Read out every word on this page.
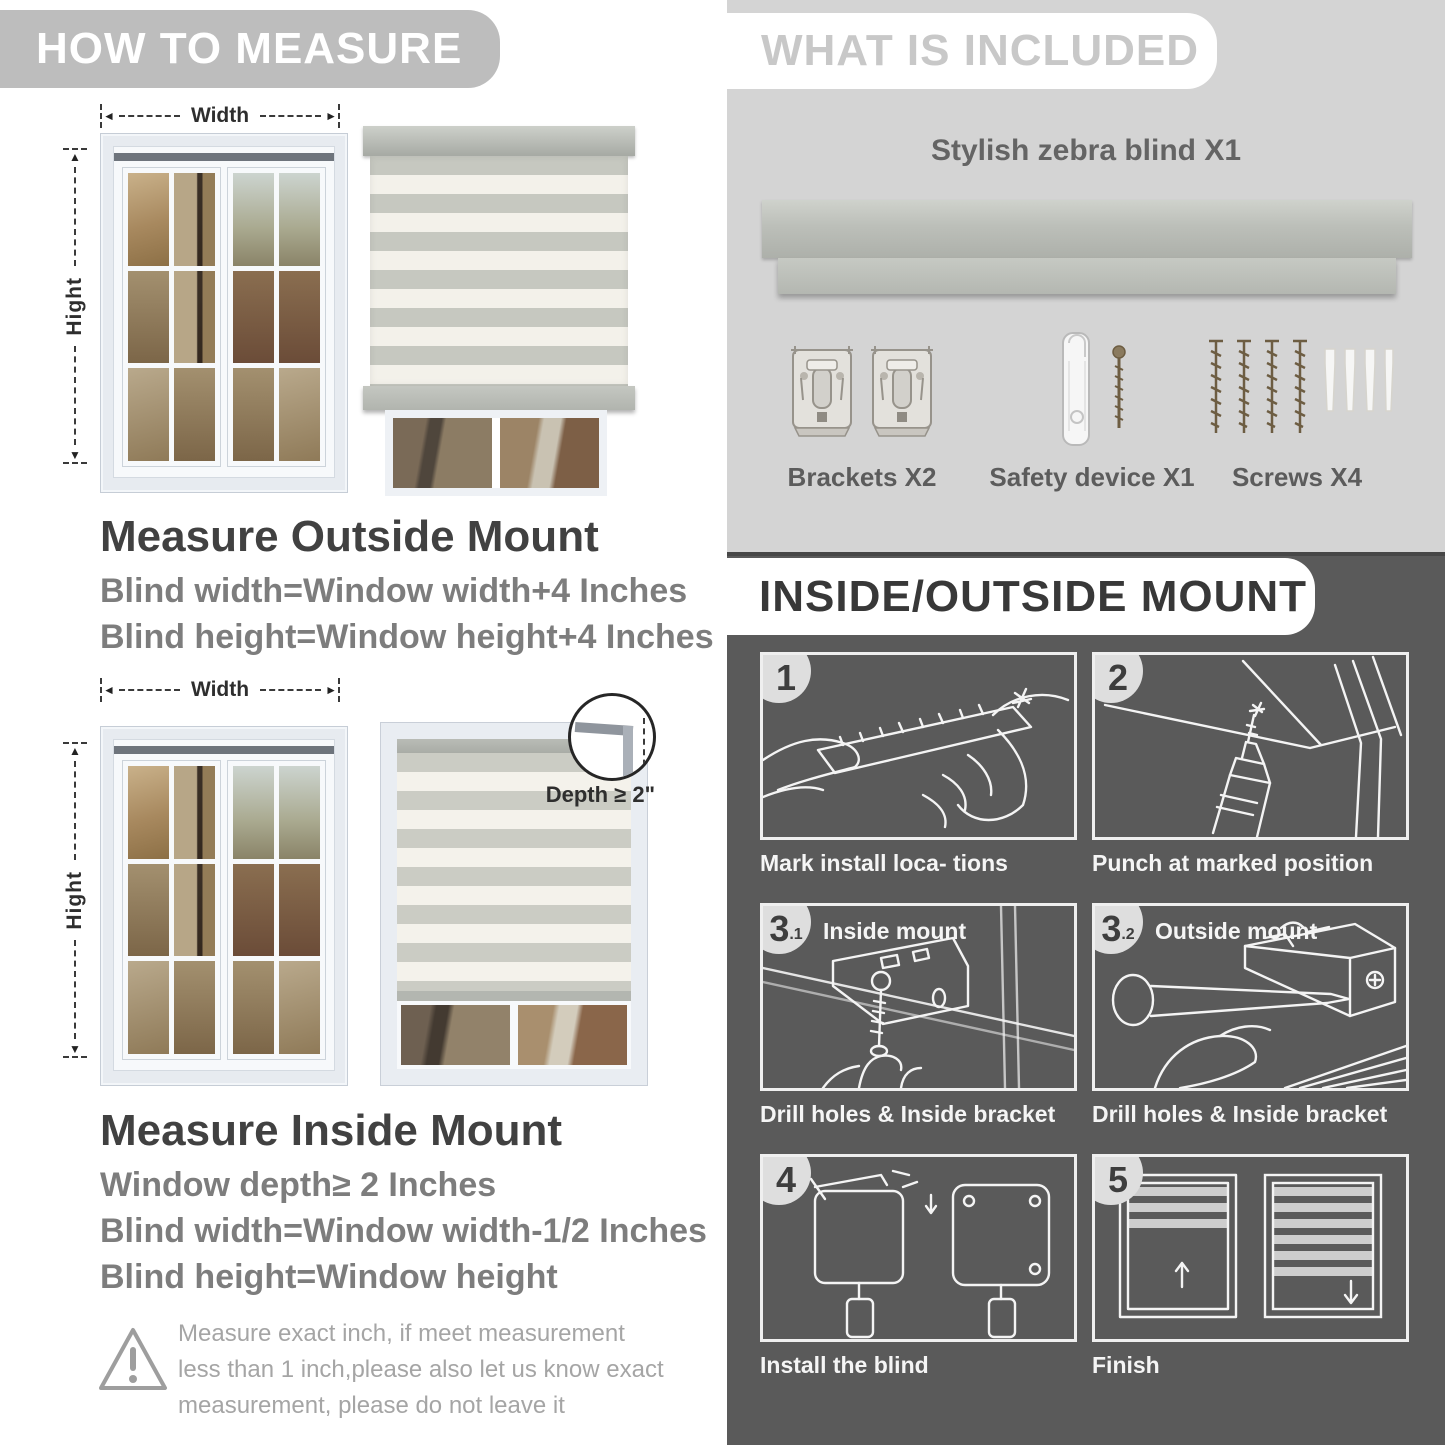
HOW TO MEASURE
◄	Width	►
▲
Hight
▼
Measure Outside Mount
Blind width=Window width+4 Inches
Blind height=Window height+4 Inches
◄	Width	►
▲
Hight
▼
Depth ≥ 2"
Measure Inside Mount
Window depth≥ 2 Inches
Blind width=Window width-1/2 Inches
Blind height=Window height
Measure exact inch, if meet measurement less than 1 inch,please also let us know exact measurement, please do not leave it
WHAT IS INCLUDED
Stylish zebra blind X1
Brackets X2 Safety device X1 Screws X4
INSIDE/OUTSIDE MOUNT
1
Mark install loca- tions
2
Punch at marked position
3 .1 Inside mount
Drill holes & Inside bracket
3 .2 Outside mount
Drill holes & Inside bracket
4
Install the blind
5
Finish
